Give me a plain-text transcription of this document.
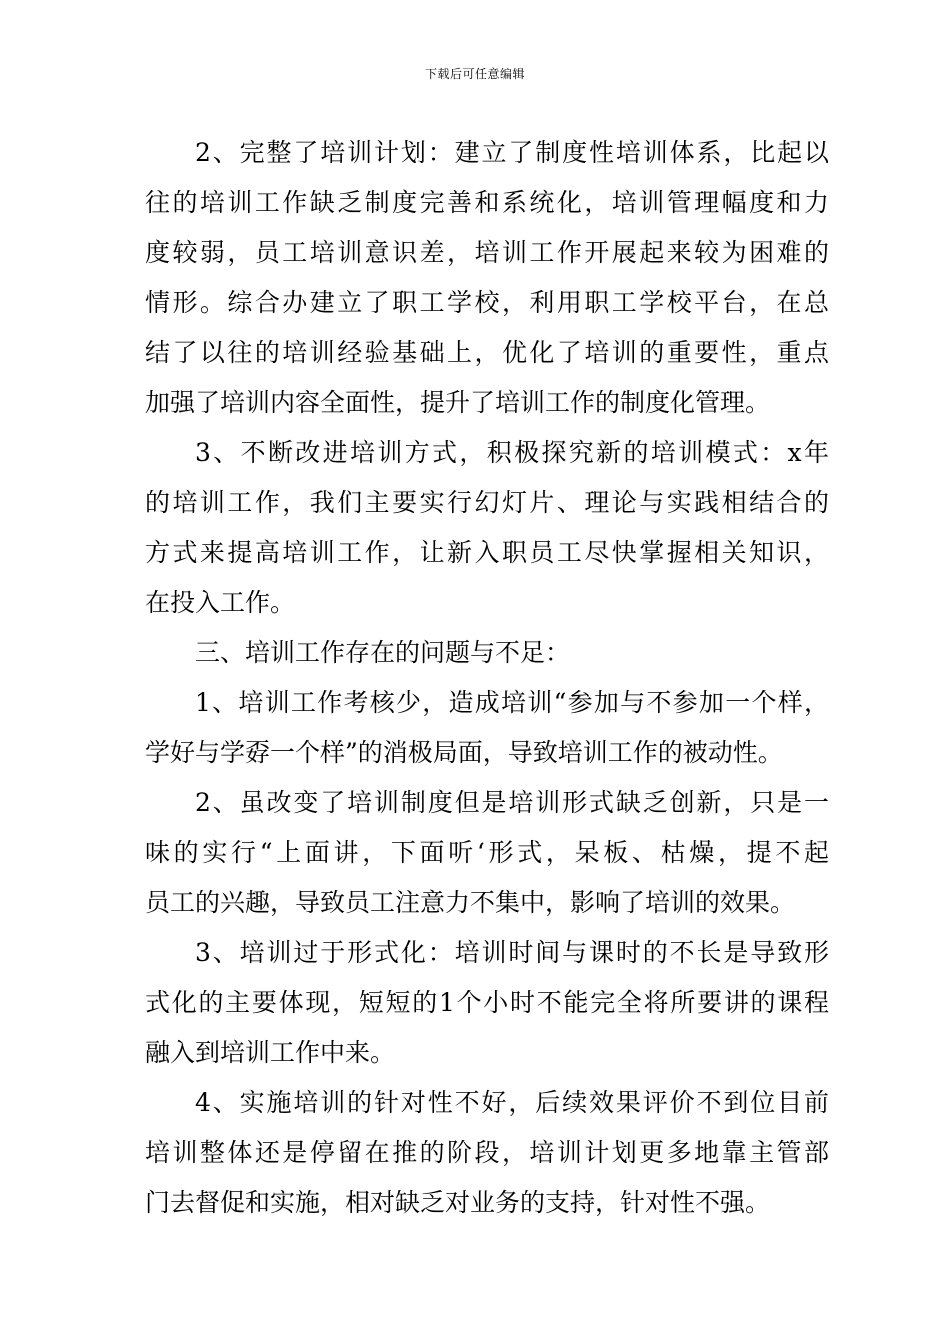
下载后可任意编辑
2、完整了培训计划：建立了制度性培训体系，比起以
往的培训工作缺乏制度完善和系统化，培训管理幅度和力
度较弱，员工培训意识差，培训工作开展起来较为困难的
情形。综合办建立了职工学校，利用职工学校平台，在总
结了以往的培训经验基础上，优化了培训的重要性，重点
加强了培训内容全面性，提升了培训工作的制度化管理。
3、不断改进培训方式，积极探究新的培训模式：x年
的培训工作，我们主要实行幻灯片、理论与实践相结合的
方式来提高培训工作，让新入职员工尽快掌握相关知识，
在投入工作。
三、培训工作存在的问题与不足：
1、培训工作考核少，造成培训“参加与不参加一个样，
学好与学孬一个样”的消极局面，导致培训工作的被动性。
2、虽改变了培训制度但是培训形式缺乏创新，只是一
味的实行“上面讲，下面听‘形式，呆板、枯燥，提不起
员工的兴趣，导致员工注意力不集中，影响了培训的效果。
3、培训过于形式化：培训时间与课时的不长是导致形
式化的主要体现，短短的1个小时不能完全将所要讲的课程
融入到培训工作中来。
4、实施培训的针对性不好，后续效果评价不到位目前
培训整体还是停留在推的阶段，培训计划更多地靠主管部
门去督促和实施，相对缺乏对业务的支持，针对性不强。
